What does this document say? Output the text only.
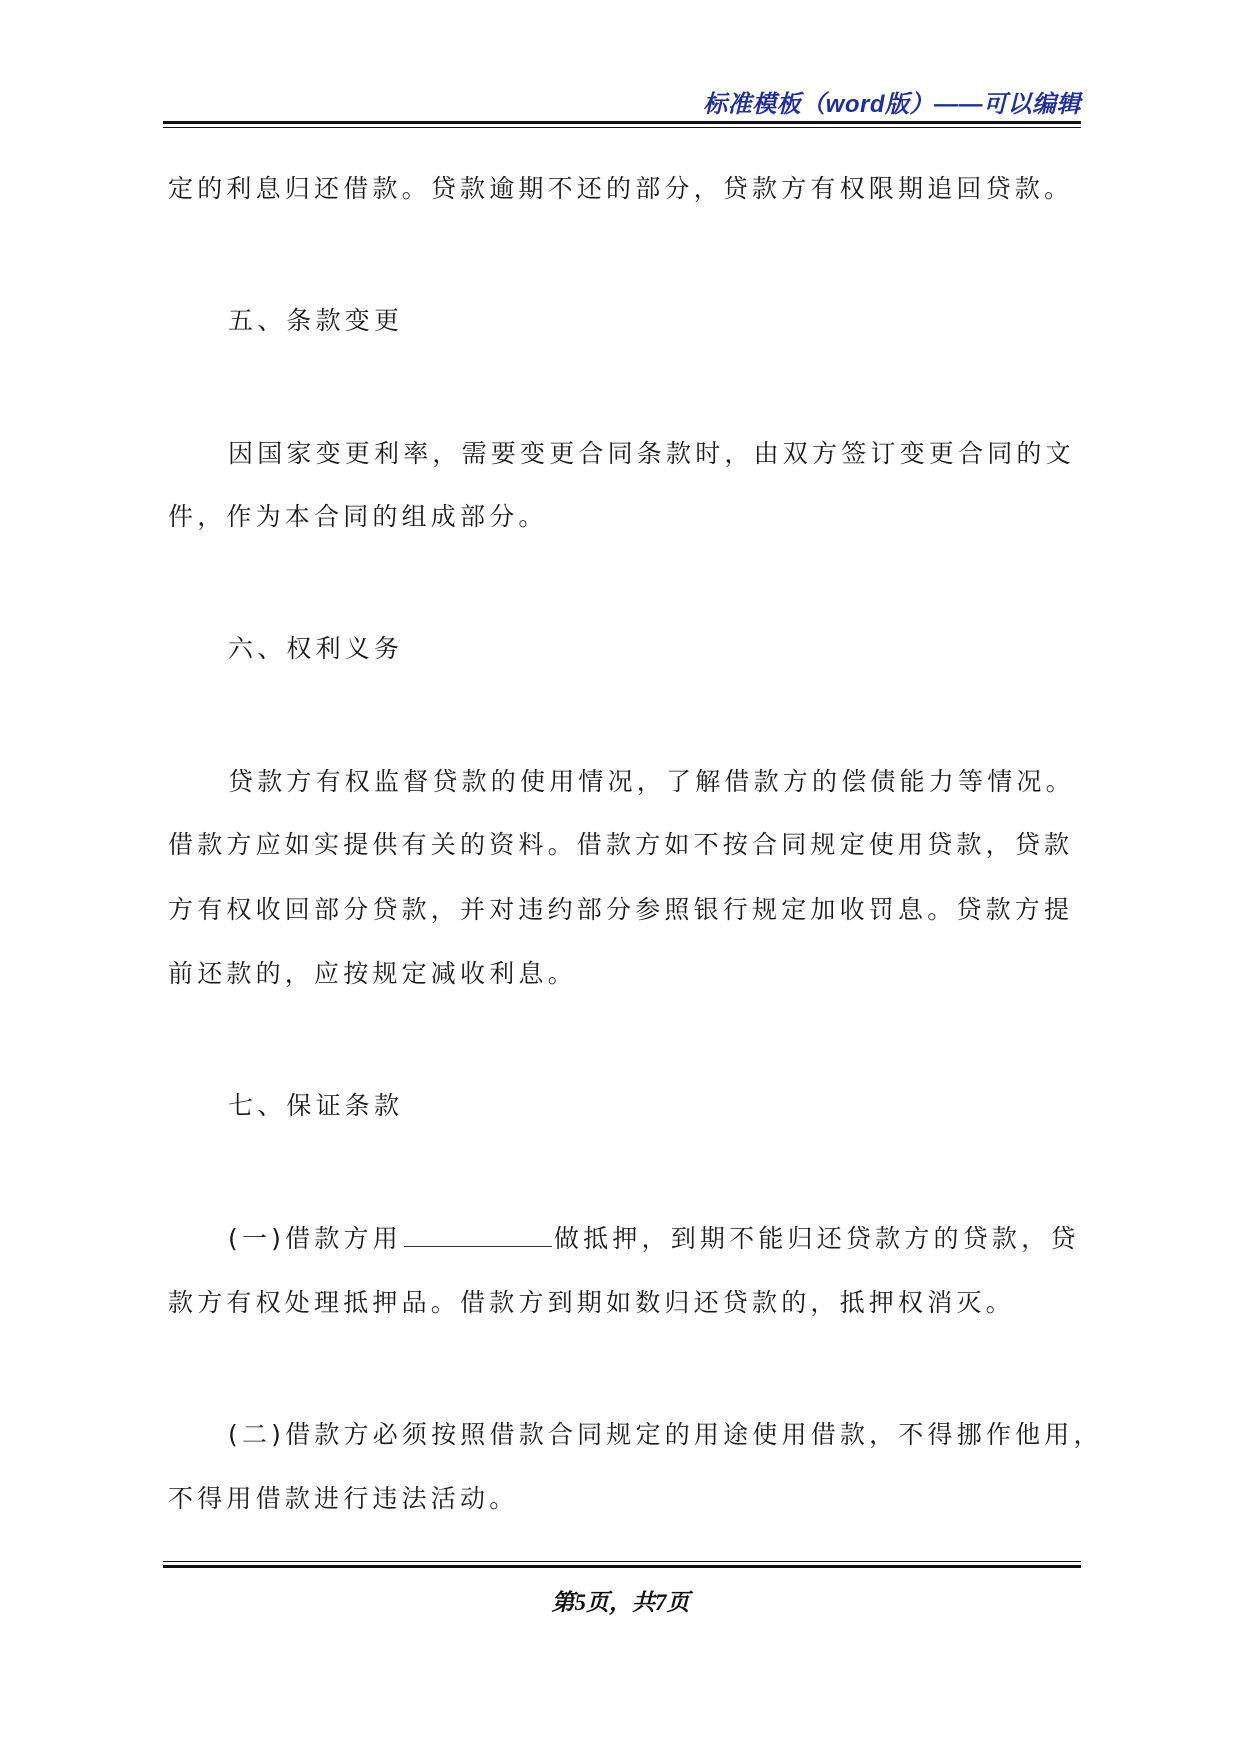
标准模板（word版）——可以编辑
定的利息归还借款。贷款逾期不还的部分，贷款方有权限期追回贷款。
五、条款变更
因国家变更利率，需要变更合同条款时，由双方签订变更合同的文
件，作为本合同的组成部分。
六、权利义务
贷款方有权监督贷款的使用情况，了解借款方的偿债能力等情况。
借款方应如实提供有关的资料。借款方如不按合同规定使用贷款，贷款
方有权收回部分贷款，并对违约部分参照银行规定加收罚息。贷款方提
前还款的，应按规定减收利息。
七、保证条款
(一)借款方用	做抵押，到期不能归还贷款方的贷款，贷
款方有权处理抵押品。借款方到期如数归还贷款的，抵押权消灭。
(二)借款方必须按照借款合同规定的用途使用借款，不得挪作他用，
不得用借款进行违法活动。
第5页，共7页
